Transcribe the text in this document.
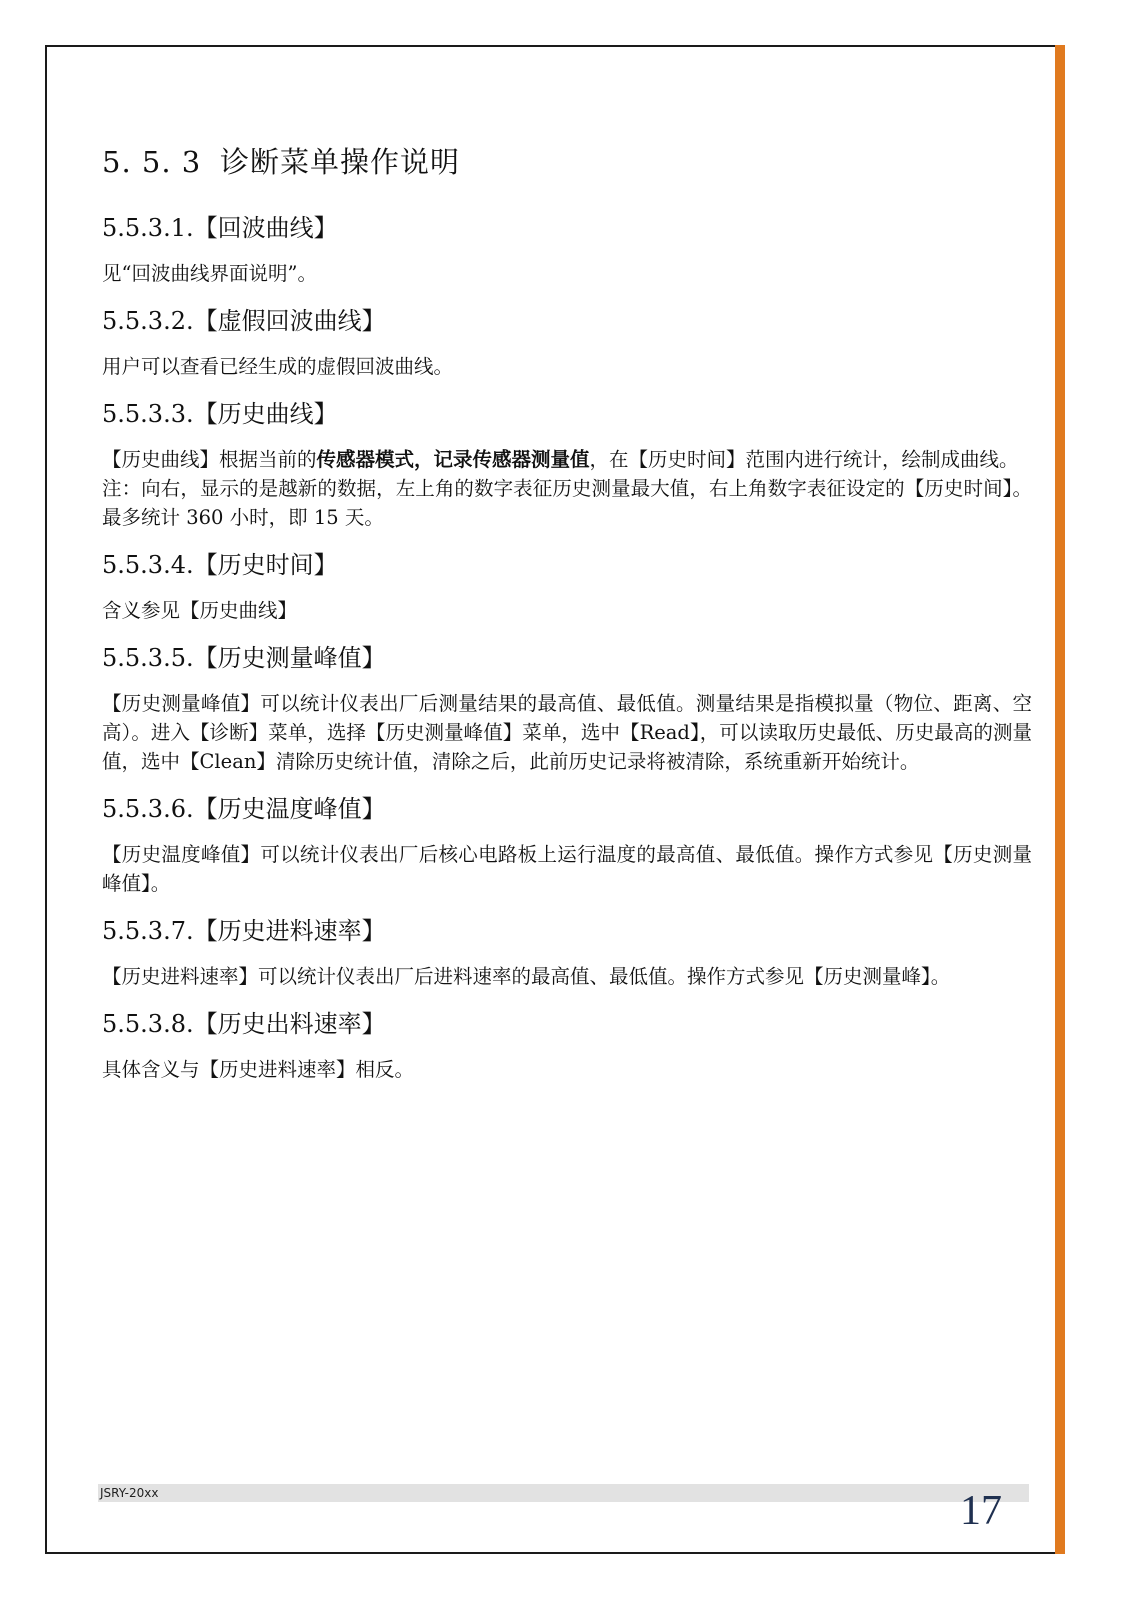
5. 5. 3 诊断菜单操作说明
5.5.3.1.【回波曲线】

见“回波曲线界面说明”。

5.5.3.2.【虚假回波曲线】

用户可以查看已经生成的虚假回波曲线。

5.5.3.3.【历史曲线】

【历史曲线】根据当前的传感器模式，记录传感器测量值，在【历史时间】范围内进行统计，绘制成曲线。

注：向右，显示的是越新的数据，左上角的数字表征历史测量最大值，右上角数字表征设定的【历史时间】。最多统计 360 小时，即 15 天。

5.5.3.4.【历史时间】

含义参见【历史曲线】

5.5.3.5.【历史测量峰值】

【历史测量峰值】可以统计仪表出厂后测量结果的最高值、最低值。测量结果是指模拟量（物位、距离、空高）。进入【诊断】菜单，选择【历史测量峰值】菜单，选中【Read】，可以读取历史最低、历史最高的测量值，选中【Clean】清除历史统计值，清除之后，此前历史记录将被清除，系统重新开始统计。

5.5.3.6.【历史温度峰值】

【历史温度峰值】可以统计仪表出厂后核心电路板上运行温度的最高值、最低值。操作方式参见【历史测量峰值】。

5.5.3.7.【历史进料速率】

【历史进料速率】可以统计仪表出厂后进料速率的最高值、最低值。操作方式参见【历史测量峰】。

5.5.3.8.【历史出料速率】

具体含义与【历史进料速率】相反。

JSRY-20xx	17
